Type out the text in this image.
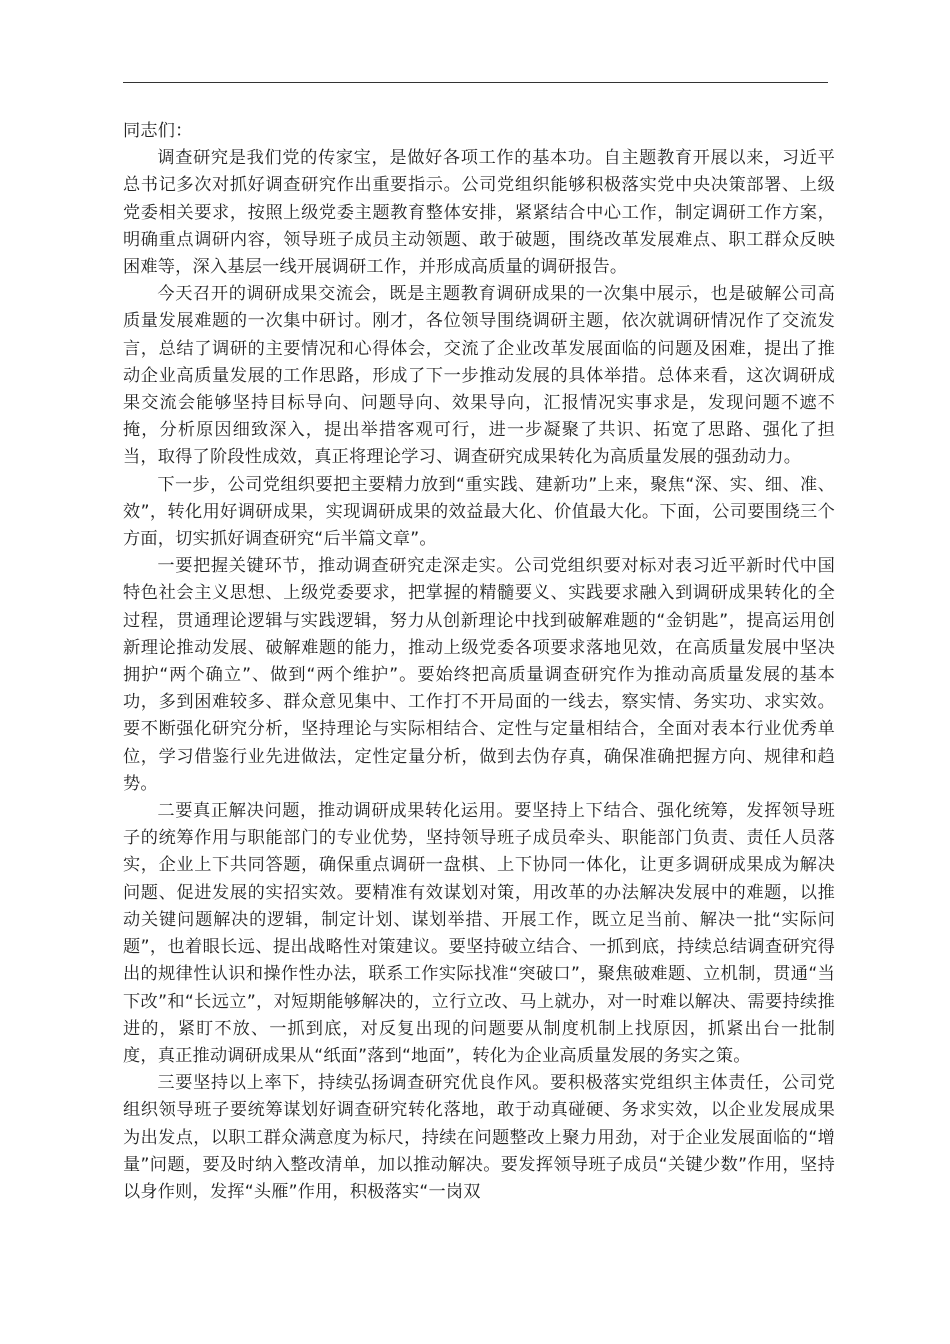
同志们：

调查研究是我们党的传家宝，是做好各项工作的基本功。自主题教育开展以来，习近平总书记多次对抓好调查研究作出重要指示。公司党组织能够积极落实党中央决策部署、上级党委相关要求，按照上级党委主题教育整体安排，紧紧结合中心工作，制定调研工作方案，明确重点调研内容，领导班子成员主动领题、敢于破题，围绕改革发展难点、职工群众反映困难等，深入基层一线开展调研工作，并形成高质量的调研报告。

今天召开的调研成果交流会，既是主题教育调研成果的一次集中展示，也是破解公司高质量发展难题的一次集中研讨。刚才，各位领导围绕调研主题，依次就调研情况作了交流发言，总结了调研的主要情况和心得体会，交流了企业改革发展面临的问题及困难，提出了推动企业高质量发展的工作思路，形成了下一步推动发展的具体举措。总体来看，这次调研成果交流会能够坚持目标导向、问题导向、效果导向，汇报情况实事求是，发现问题不遮不掩，分析原因细致深入，提出举措客观可行，进一步凝聚了共识、拓宽了思路、强化了担当，取得了阶段性成效，真正将理论学习、调查研究成果转化为高质量发展的强劲动力。

下一步，公司党组织要把主要精力放到“重实践、建新功”上来，聚焦“深、实、细、准、效”，转化用好调研成果，实现调研成果的效益最大化、价值最大化。下面，公司要围绕三个方面，切实抓好调查研究“后半篇文章”。

一要把握关键环节，推动调查研究走深走实。公司党组织要对标对表习近平新时代中国特色社会主义思想、上级党委要求，把掌握的精髓要义、实践要求融入到调研成果转化的全过程，贯通理论逻辑与实践逻辑，努力从创新理论中找到破解难题的“金钥匙”，提高运用创新理论推动发展、破解难题的能力，推动上级党委各项要求落地见效，在高质量发展中坚决拥护“两个确立”、做到“两个维护”。要始终把高质量调查研究作为推动高质量发展的基本功，多到困难较多、群众意见集中、工作打不开局面的一线去，察实情、务实功、求实效。要不断强化研究分析，坚持理论与实际相结合、定性与定量相结合，全面对表本行业优秀单位，学习借鉴行业先进做法，定性定量分析，做到去伪存真，确保准确把握方向、规律和趋势。

二要真正解决问题，推动调研成果转化运用。要坚持上下结合、强化统筹，发挥领导班子的统筹作用与职能部门的专业优势，坚持领导班子成员牵头、职能部门负责、责任人员落实，企业上下共同答题，确保重点调研一盘棋、上下协同一体化，让更多调研成果成为解决问题、促进发展的实招实效。要精准有效谋划对策，用改革的办法解决发展中的难题，以推动关键问题解决的逻辑，制定计划、谋划举措、开展工作，既立足当前、解决一批“实际问题”，也着眼长远、提出战略性对策建议。要坚持破立结合、一抓到底，持续总结调查研究得出的规律性认识和操作性办法，联系工作实际找准“突破口”，聚焦破难题、立机制，贯通“当下改”和“长远立”，对短期能够解决的，立行立改、马上就办，对一时难以解决、需要持续推进的，紧盯不放、一抓到底，对反复出现的问题要从制度机制上找原因，抓紧出台一批制度，真正推动调研成果从“纸面”落到“地面”，转化为企业高质量发展的务实之策。

三要坚持以上率下，持续弘扬调查研究优良作风。要积极落实党组织主体责任，公司党组织领导班子要统筹谋划好调查研究转化落地，敢于动真碰硬、务求实效，以企业发展成果为出发点，以职工群众满意度为标尺，持续在问题整改上聚力用劲，对于企业发展面临的“增量”问题，要及时纳入整改清单，加以推动解决。要发挥领导班子成员“关键少数”作用，坚持以身作则，发挥“头雁”作用，积极落实“一岗双
